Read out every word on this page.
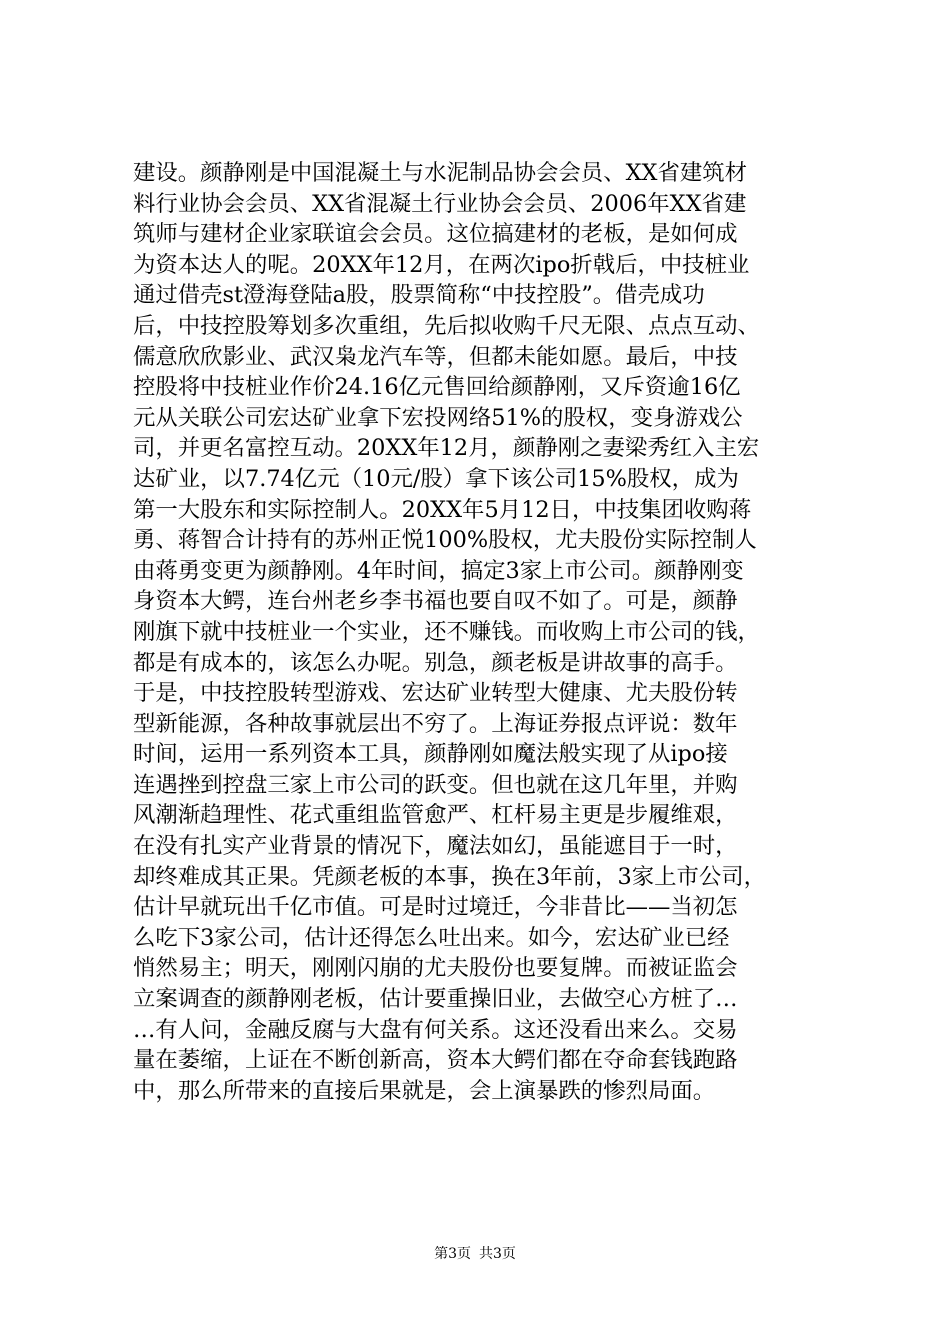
建设。颜静刚是中国混凝土与水泥制品协会会员、XX省建筑材
料行业协会会员、XX省混凝土行业协会会员、2006年XX省建
筑师与建材企业家联谊会会员。这位搞建材的老板，是如何成
为资本达人的呢。20XX年12月，在两次ipo折戟后，中技桩业
通过借壳st澄海登陆a股，股票简称“中技控股”。借壳成功
后，中技控股筹划多次重组，先后拟收购千尺无限、点点互动、
儒意欣欣影业、武汉枭龙汽车等，但都未能如愿。最后，中技
控股将中技桩业作价24.16亿元售回给颜静刚，又斥资逾16亿
元从关联公司宏达矿业拿下宏投网络51%的股权，变身游戏公
司，并更名富控互动。20XX年12月，颜静刚之妻梁秀红入主宏
达矿业，以7.74亿元（10元/股）拿下该公司15%股权，成为
第一大股东和实际控制人。20XX年5月12日，中技集团收购蒋
勇、蒋智合计持有的苏州正悦100%股权，尤夫股份实际控制人
由蒋勇变更为颜静刚。4年时间，搞定3家上市公司。颜静刚变
身资本大鳄，连台州老乡李书福也要自叹不如了。可是，颜静
刚旗下就中技桩业一个实业，还不赚钱。而收购上市公司的钱，
都是有成本的，该怎么办呢。别急，颜老板是讲故事的高手。
于是，中技控股转型游戏、宏达矿业转型大健康、尤夫股份转
型新能源，各种故事就层出不穷了。上海证券报点评说：数年
时间，运用一系列资本工具，颜静刚如魔法般实现了从ipo接
连遇挫到控盘三家上市公司的跃变。但也就在这几年里，并购
风潮渐趋理性、花式重组监管愈严、杠杆易主更是步履维艰，
在没有扎实产业背景的情况下，魔法如幻，虽能遮目于一时，
却终难成其正果。凭颜老板的本事，换在3年前，3家上市公司，
估计早就玩出千亿市值。可是时过境迁，今非昔比——当初怎
么吃下3家公司，估计还得怎么吐出来。如今，宏达矿业已经
悄然易主；明天，刚刚闪崩的尤夫股份也要复牌。而被证监会
立案调查的颜静刚老板，估计要重操旧业，去做空心方桩了…
…有人问，金融反腐与大盘有何关系。这还没看出来么。交易
量在萎缩，上证在不断创新高，资本大鳄们都在夺命套钱跑路
中，那么所带来的直接后果就是，会上演暴跌的惨烈局面。
第3页 共3页
